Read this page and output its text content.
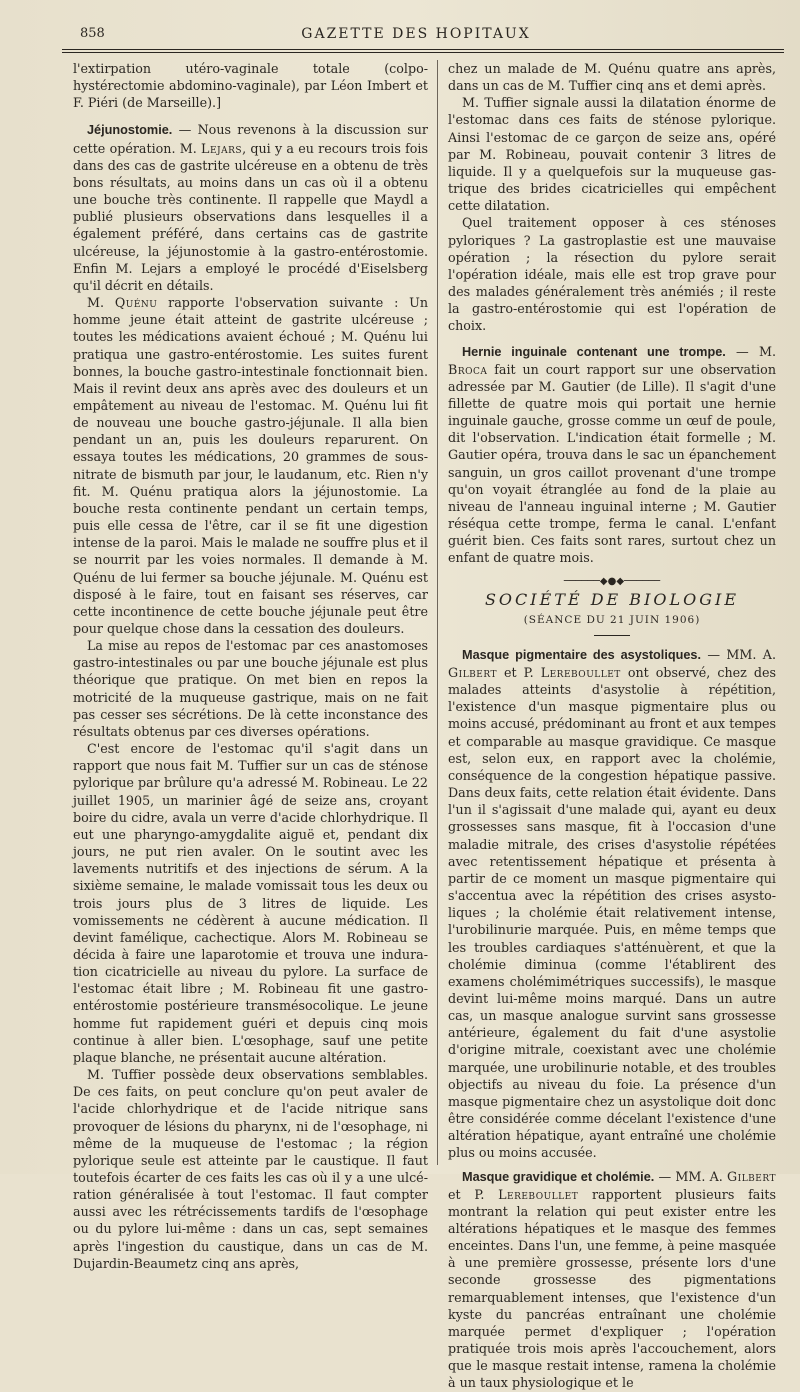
858	GAZETTE DES HOPITAUX

l'extirpation utéro-vaginale totale (colpo-hystérectomie abdomino-vaginale), par Léon Imbert et F. Piéri (de Marseille).]

Jéjunostomie. — Nous revenons à la discussion sur cette opération. M. Lejars, qui y a eu recours trois fois dans des cas de gastrite ulcéreuse en a obtenu de très bons résultats, au moins dans un cas où il a obtenu une bouche très continente. Il rappelle que Maydl a publié plusieurs observations dans lesquelles il a également préféré, dans certains cas de gastrite ulcéreuse, la jéjunostomie à la gastro-entérostomie. Enfin M. Lejars a employé le procédé d'Eiselsberg qu'il décrit en détails.

M. Quénu rapporte l'observation suivante : Un homme jeune était atteint de gastrite ulcéreuse ; toutes les médications avaient échoué ; M. Quénu lui pratiqua une gastro-entérostomie. Les suites furent bonnes, la bouche gastro-intestinale fonctionnait bien. Mais il revint deux ans après avec des douleurs et un empâtement au niveau de l'estomac. M. Quénu lui fit de nouveau une bouche gastro-jéjunale. Il alla bien pendant un an, puis les douleurs reparurent. On essaya toutes les médications, 20 grammes de sous-nitrate de bismuth par jour, le laudanum, etc. Rien n'y fit. M. Quénu pratiqua alors la jéjunostomie. La bouche resta continente pendant un certain temps, puis elle cessa de l'être, car il se fit une digestion intense de la paroi. Mais le malade ne souffre plus et il se nourrit par les voies normales. Il demande à M. Quénu de lui fermer sa bouche jéjunale. M. Quénu est disposé à le faire, tout en faisant ses réserves, car cette incontinence de cette bouche jéjunale peut être pour quelque chose dans la cessation des douleurs.

La mise au repos de l'estomac par ces anastomoses gastro-intestinales ou par une bouche jéjunale est plus théorique que pratique. On met bien en repos la motricité de la muqueuse gastrique, mais on ne fait pas cesser ses sécrétions. De là cette inconstance des résultats obtenus par ces diverses opérations.

C'est encore de l'estomac qu'il s'agit dans un rapport que nous fait M. Tuffier sur un cas de sténose pylorique par brûlure qu'a adressé M. Robineau. Le 22 juillet 1905, un marinier âgé de seize ans, croyant boire du cidre, avala un verre d'acide chlorhydrique. Il eut une pharyngo-amygdalite aiguë et, pendant dix jours, ne put rien avaler. On le soutint avec les lavements nutritifs et des injections de sérum. A la sixième semaine, le malade vomissait tous les deux ou trois jours plus de 3 litres de liquide. Les vomissements ne cédèrent à aucune médication. Il devint famélique, cachectique. Alors M. Robineau se décida à faire une laparotomie et trouva une induration cicatricielle au niveau du pylore. La surface de l'estomac était libre ; M. Robineau fit une gastro-entérostomie postérieure transmésocolique. Le jeune homme fut rapidement guéri et depuis cinq mois continue à aller bien. L'œsophage, sauf une petite plaque blanche, ne présentait aucune altération.

M. Tuffier possède deux observations semblables. De ces faits, on peut conclure qu'on peut avaler de l'acide chlorhydrique et de l'acide nitrique sans provoquer de lésions du pharynx, ni de l'œsophage, ni même de la muqueuse de l'estomac ; la région pylorique seule est atteinte par le caustique. Il faut toutefois écarter de ces faits les cas où il y a une ulcération généralisée à tout l'estomac. Il faut compter aussi avec les rétrécissements tardifs de l'œsophage ou du pylore lui-même : dans un cas, sept semaines après l'ingestion du caustique, dans un cas de M. Dujardin-Beaumetz cinq ans après,

chez un malade de M. Quénu quatre ans après, dans un cas de M. Tuffier cinq ans et demi après.

M. Tuffier signale aussi la dilatation énorme de l'estomac dans ces faits de sténose pylorique. Ainsi l'estomac de ce garçon de seize ans, opéré par M. Robineau, pouvait contenir 3 litres de liquide. Il y a quelquefois sur la muqueuse gastrique des brides cicatricielles qui empêchent cette dilatation.

Quel traitement opposer à ces sténoses pyloriques ? La gastroplastie est une mauvaise opération ; la résection du pylore serait l'opération idéale, mais elle est trop grave pour des malades généralement très anémiés ; il reste la gastro-entérostomie qui est l'opération de choix.

Hernie inguinale contenant une trompe. — M. Broca fait un court rapport sur une observation adressée par M. Gautier (de Lille). Il s'agit d'une fillette de quatre mois qui portait une hernie inguinale gauche, grosse comme un œuf de poule, dit l'observation. L'indication était formelle ; M. Gautier opéra, trouva dans le sac un épanchement sanguin, un gros caillot provenant d'une trompe qu'on voyait étranglée au fond de la plaie au niveau de l'anneau inguinal interne ; M. Gautier réséqua cette trompe, ferma le canal. L'enfant guérit bien. Ces faits sont rares, surtout chez un enfant de quatre mois.

──────◆●◆──────
SOCIÉTÉ DE BIOLOGIE
(SÉANCE DU 21 JUIN 1906)

Masque pigmentaire des asystoliques. — MM. A. Gilbert et P. Lereboullet ont observé, chez des malades atteints d'asystolie à répétition, l'existence d'un masque pigmentaire plus ou moins accusé, prédominant au front et aux tempes et comparable au masque gravidique. Ce masque est, selon eux, en rapport avec la cholémie, conséquence de la congestion hépatique passive. Dans deux faits, cette relation était évidente. Dans l'un il s'agissait d'une malade qui, ayant eu deux grossesses sans masque, fit à l'occasion d'une maladie mitrale, des crises d'asystolie répétées avec retentissement hépatique et présenta à partir de ce moment un masque pigmentaire qui s'accentua avec la répétition des crises asystoliques ; la cholémie était relativement intense, l'urobilinurie marquée. Puis, en même temps que les troubles cardiaques s'atténuèrent, et que la cholémie diminua (comme l'établirent des examens cholémimétriques successifs), le masque devint lui-même moins marqué. Dans un autre cas, un masque analogue survint sans grossesse antérieure, également du fait d'une asystolie d'origine mitrale, coexistant avec une cholémie marquée, une urobilinurie notable, et des troubles objectifs au niveau du foie. La présence d'un masque pigmentaire chez un asystolique doit donc être considérée comme décelant l'existence d'une altération hépatique, ayant entraîné une cholémie plus ou moins accusée.

Masque gravidique et cholémie. — MM. A. Gilbert et P. Lereboullet rapportent plusieurs faits montrant la relation qui peut exister entre les altérations hépatiques et le masque des femmes enceintes. Dans l'un, une femme, à peine masquée à une première grossesse, présente lors d'une seconde grossesse des pigmentations remarquablement intenses, que l'existence d'un kyste du pancréas entraînant une cholémie marquée permet d'expliquer ; l'opération pratiquée trois mois après l'accouchement, alors que le masque restait intense, ramena la cholémie à un taux physiologique et le
